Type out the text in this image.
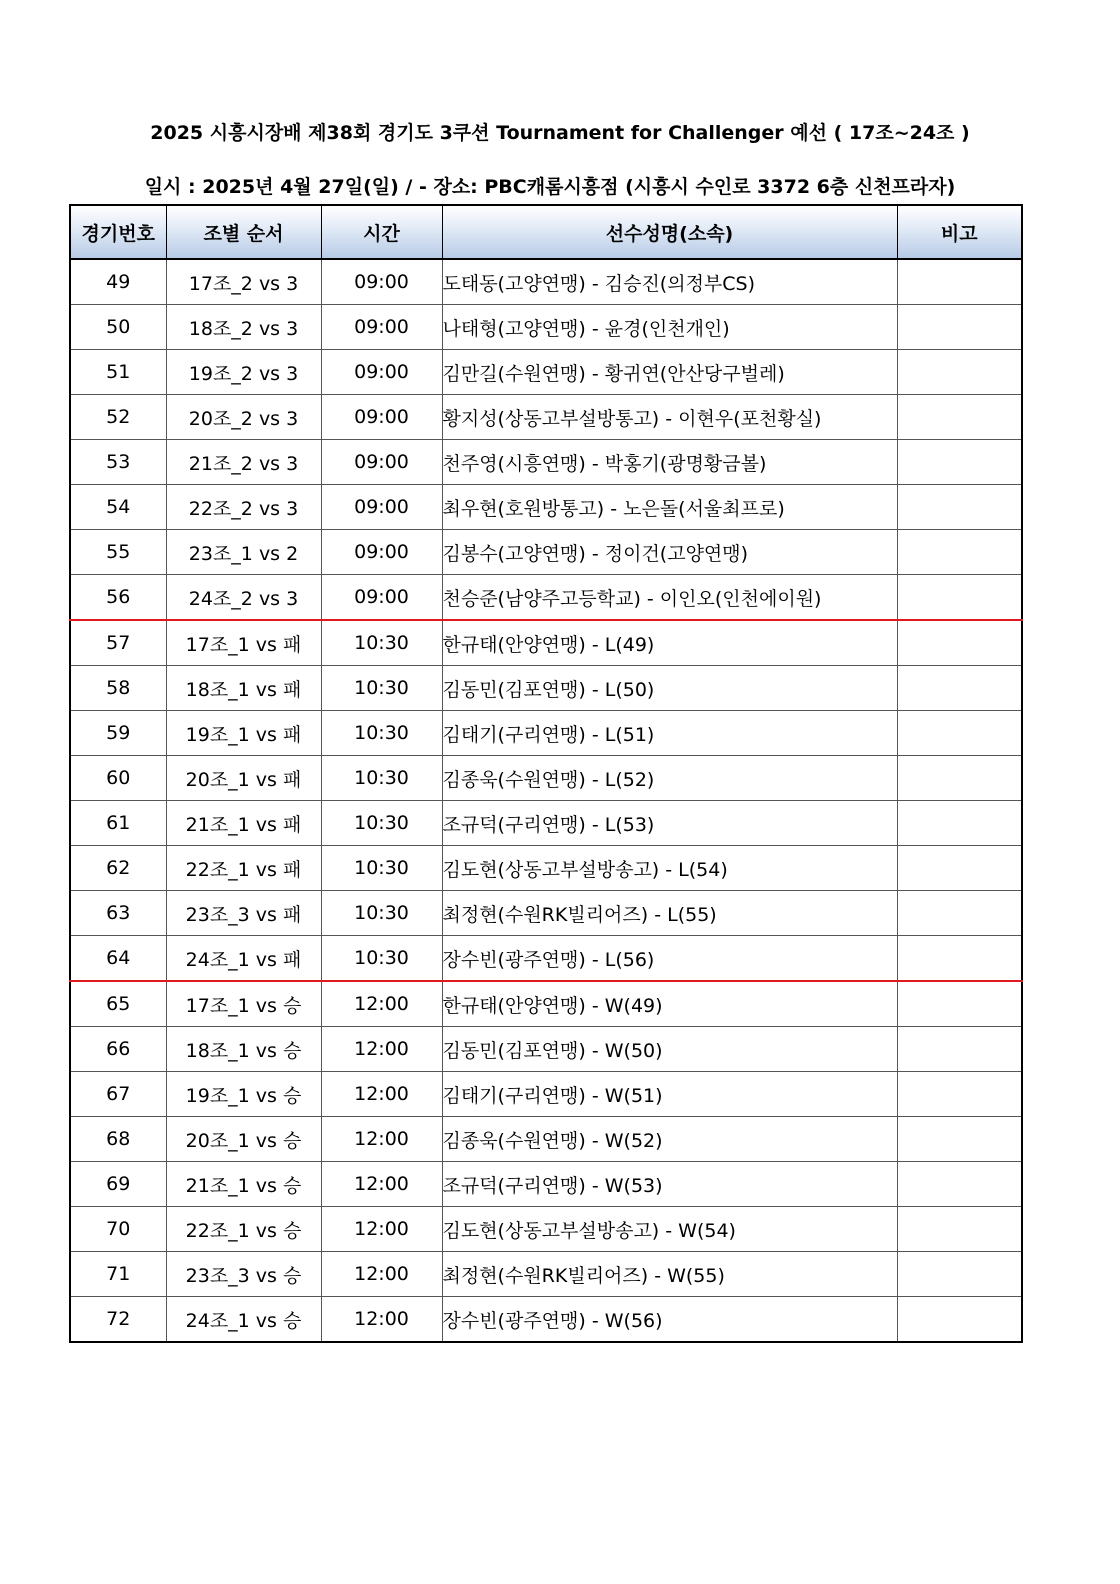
2025 시흥시장배 제38회 경기도 3쿠션 Tournament for Challenger 예선 ( 17조~24조 )
일시 : 2025년 4월 27일(일) / - 장소: PBC캐롬시흥점 (시흥시 수인로 3372 6층 신천프라자)
경기번호	조별 순서	시간	선수성명(소속)	비고
49	17조_2 vs 3	09:00	도태동(고양연맹) - 김승진(의정부CS)	
50	18조_2 vs 3	09:00	나태형(고양연맹) - 윤경(인천개인)	
51	19조_2 vs 3	09:00	김만길(수원연맹) - 황귀연(안산당구벌레)	
52	20조_2 vs 3	09:00	황지성(상동고부설방통고) - 이현우(포천황실)	
53	21조_2 vs 3	09:00	천주영(시흥연맹) - 박홍기(광명황금볼)	
54	22조_2 vs 3	09:00	최우현(호원방통고) - 노은돌(서울최프로)	
55	23조_1 vs 2	09:00	김봉수(고양연맹) - 정이건(고양연맹)	
56	24조_2 vs 3	09:00	천승준(남양주고등학교) - 이인오(인천에이원)	
57	17조_1 vs 패	10:30	한규태(안양연맹) - L(49)	
58	18조_1 vs 패	10:30	김동민(김포연맹) - L(50)	
59	19조_1 vs 패	10:30	김태기(구리연맹) - L(51)	
60	20조_1 vs 패	10:30	김종욱(수원연맹) - L(52)	
61	21조_1 vs 패	10:30	조규덕(구리연맹) - L(53)	
62	22조_1 vs 패	10:30	김도현(상동고부설방송고) - L(54)	
63	23조_3 vs 패	10:30	최정현(수원RK빌리어즈) - L(55)	
64	24조_1 vs 패	10:30	장수빈(광주연맹) - L(56)	
65	17조_1 vs 승	12:00	한규태(안양연맹) - W(49)	
66	18조_1 vs 승	12:00	김동민(김포연맹) - W(50)	
67	19조_1 vs 승	12:00	김태기(구리연맹) - W(51)	
68	20조_1 vs 승	12:00	김종욱(수원연맹) - W(52)	
69	21조_1 vs 승	12:00	조규덕(구리연맹) - W(53)	
70	22조_1 vs 승	12:00	김도현(상동고부설방송고) - W(54)	
71	23조_3 vs 승	12:00	최정현(수원RK빌리어즈) - W(55)	
72	24조_1 vs 승	12:00	장수빈(광주연맹) - W(56)	
